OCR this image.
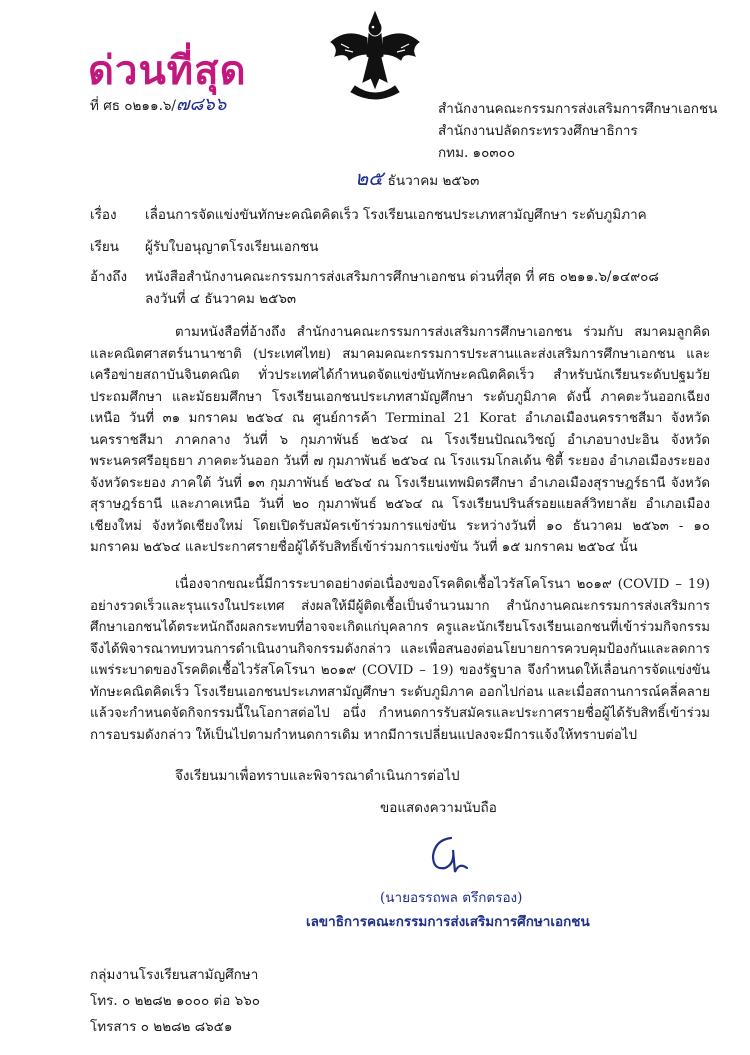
ด่วนที่สุด
ที่ ศธ ๐๒๑๑.๖/๗๘๖๖	สำนักงานคณะกรรมการส่งเสริมการศึกษาเอกชน
สำนักงานปลัดกระทรวงศึกษาธิการ
กทม. ๑๐๓๐๐
๒๕ ธันวาคม ๒๕๖๓
เรื่อง เลื่อนการจัดแข่งขันทักษะคณิตคิดเร็ว โรงเรียนเอกชนประเภทสามัญศึกษา ระดับภูมิภาค
เรียน ผู้รับใบอนุญาตโรงเรียนเอกชน
อ้างถึง หนังสือสำนักงานคณะกรรมการส่งเสริมการศึกษาเอกชน ด่วนที่สุด ที่ ศธ ๐๒๑๑.๖/๑๔๙๐๘
ลงวันที่ ๔ ธันวาคม ๒๕๖๓

ตามหนังสือที่อ้างถึง สำนักงานคณะกรรมการส่งเสริมการศึกษาเอกชน ร่วมกับ สมาคมลูกคิดและคณิตศาสตร์นานาชาติ (ประเทศไทย) สมาคมคณะกรรมการประสานและส่งเสริมการศึกษาเอกชน และเครือข่ายสถาบันจินตคณิต ทั่วประเทศได้กำหนดจัดแข่งขันทักษะคณิตคิดเร็ว สำหรับนักเรียนระดับปฐมวัย ประถมศึกษา และมัธยมศึกษา โรงเรียนเอกชนประเภทสามัญศึกษา ระดับภูมิภาค ดังนี้ ภาคตะวันออกเฉียงเหนือ วันที่ ๓๑ มกราคม ๒๕๖๔ ณ ศูนย์การค้า Terminal 21 Korat อำเภอเมืองนครราชสีมา จังหวัดนครราชสีมา ภาคกลาง วันที่ ๖ กุมภาพันธ์ ๒๕๖๔ ณ โรงเรียนปัณณวิชญ์ อำเภอบางปะอิน จังหวัดพระนครศรีอยุธยา ภาคตะวันออก วันที่ ๗ กุมภาพันธ์ ๒๕๖๔ ณ โรงแรมโกลเด้น ซิตี้ ระยอง อำเภอเมืองระยอง จังหวัดระยอง ภาคใต้ วันที่ ๑๓ กุมภาพันธ์ ๒๕๖๔ ณ โรงเรียนเทพมิตรศึกษา อำเภอเมืองสุราษฎร์ธานี จังหวัดสุราษฎร์ธานี และภาคเหนือ วันที่ ๒๐ กุมภาพันธ์ ๒๕๖๔ ณ โรงเรียนปรินส์รอยแยลส์วิทยาลัย อำเภอเมืองเชียงใหม่ จังหวัดเชียงใหม่ โดยเปิดรับสมัครเข้าร่วมการแข่งขัน ระหว่างวันที่ ๑๐ ธันวาคม ๒๕๖๓ - ๑๐ มกราคม ๒๕๖๔ และประกาศรายชื่อผู้ได้รับสิทธิ์เข้าร่วมการแข่งขัน วันที่ ๑๕ มกราคม ๒๕๖๔ นั้น

เนื่องจากขณะนี้มีการระบาดอย่างต่อเนื่องของโรคติดเชื้อไวรัสโคโรนา ๒๐๑๙ (COVID – 19) อย่างรวดเร็วและรุนแรงในประเทศ ส่งผลให้มีผู้ติดเชื้อเป็นจำนวนมาก สำนักงานคณะกรรมการส่งเสริมการศึกษาเอกชนได้ตระหนักถึงผลกระทบที่อาจจะเกิดแก่บุคลากร ครูและนักเรียนโรงเรียนเอกชนที่เข้าร่วมกิจกรรมจึงได้พิจารณาทบทวนการดำเนินงานกิจกรรมดังกล่าว และเพื่อสนองต่อนโยบายการควบคุมป้องกันและลดการแพร่ระบาดของโรคติดเชื้อไวรัสโคโรนา ๒๐๑๙ (COVID – 19) ของรัฐบาล จึงกำหนดให้เลื่อนการจัดแข่งขันทักษะคณิตคิดเร็ว โรงเรียนเอกชนประเภทสามัญศึกษา ระดับภูมิภาค ออกไปก่อน และเมื่อสถานการณ์คลี่คลายแล้วจะกำหนดจัดกิจกรรมนี้ในโอกาสต่อไป อนึ่ง กำหนดการรับสมัครและประกาศรายชื่อผู้ได้รับสิทธิ์เข้าร่วมการอบรมดังกล่าว ให้เป็นไปตามกำหนดการเดิม หากมีการเปลี่ยนแปลงจะมีการแจ้งให้ทราบต่อไป

จึงเรียนมาเพื่อทราบและพิจารณาดำเนินการต่อไป
ขอแสดงความนับถือ
(นายอรรถพล ตรึกตรอง)
เลขาธิการคณะกรรมการส่งเสริมการศึกษาเอกชน
กลุ่มงานโรงเรียนสามัญศึกษา
โทร. ๐ ๒๒๘๒ ๑๐๐๐ ต่อ ๖๖๐
โทรสาร ๐ ๒๒๘๒ ๘๖๕๑
